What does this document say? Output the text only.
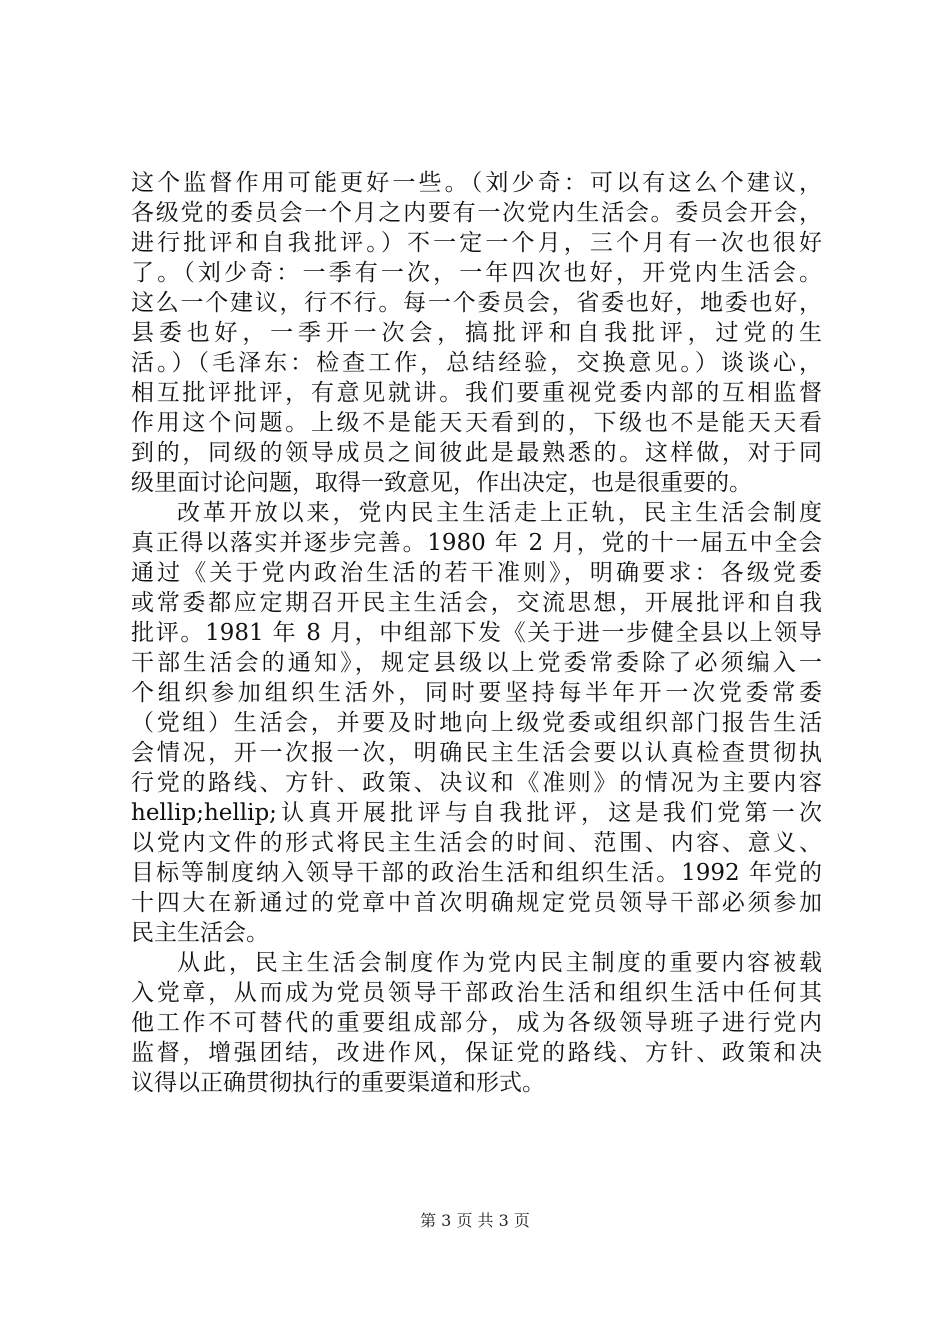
这个监督作用可能更好一些。（刘少奇：可以有这么个建议，
各级党的委员会一个月之内要有一次党内生活会。委员会开会，
进行批评和自我批评。）不一定一个月，三个月有一次也很好
了。（刘少奇：一季有一次，一年四次也好，开党内生活会。
这么一个建议，行不行。每一个委员会，省委也好，地委也好，
县委也好，一季开一次会，搞批评和自我批评，过党的生
活。）（毛泽东：检查工作，总结经验，交换意见。）谈谈心，
相互批评批评，有意见就讲。我们要重视党委内部的互相监督
作用这个问题。上级不是能天天看到的，下级也不是能天天看
到的，同级的领导成员之间彼此是最熟悉的。这样做，对于同
级里面讨论问题，取得一致意见，作出决定，也是很重要的。
改革开放以来，党内民主生活走上正轨，民主生活会制度
真正得以落实并逐步完善。1980 年 2 月，党的十一届五中全会
通过《关于党内政治生活的若干准则》，明确要求：各级党委
或常委都应定期召开民主生活会，交流思想，开展批评和自我
批评。1981 年 8 月，中组部下发《关于进一步健全县以上领导
干部生活会的通知》，规定县级以上党委常委除了必须编入一
个组织参加组织生活外，同时要坚持每半年开一次党委常委
（党组）生活会，并要及时地向上级党委或组织部门报告生活
会情况，开一次报一次，明确民主生活会要以认真检查贯彻执
行党的路线、方针、政策、决议和《准则》的情况为主要内容
hellip;hellip;认真开展批评与自我批评，这是我们党第一次
以党内文件的形式将民主生活会的时间、范围、内容、意义、
目标等制度纳入领导干部的政治生活和组织生活。1992 年党的
十四大在新通过的党章中首次明确规定党员领导干部必须参加
民主生活会。
从此，民主生活会制度作为党内民主制度的重要内容被载
入党章，从而成为党员领导干部政治生活和组织生活中任何其
他工作不可替代的重要组成部分，成为各级领导班子进行党内
监督，增强团结，改进作风，保证党的路线、方针、政策和决
议得以正确贯彻执行的重要渠道和形式。
第 3 页 共 3 页
